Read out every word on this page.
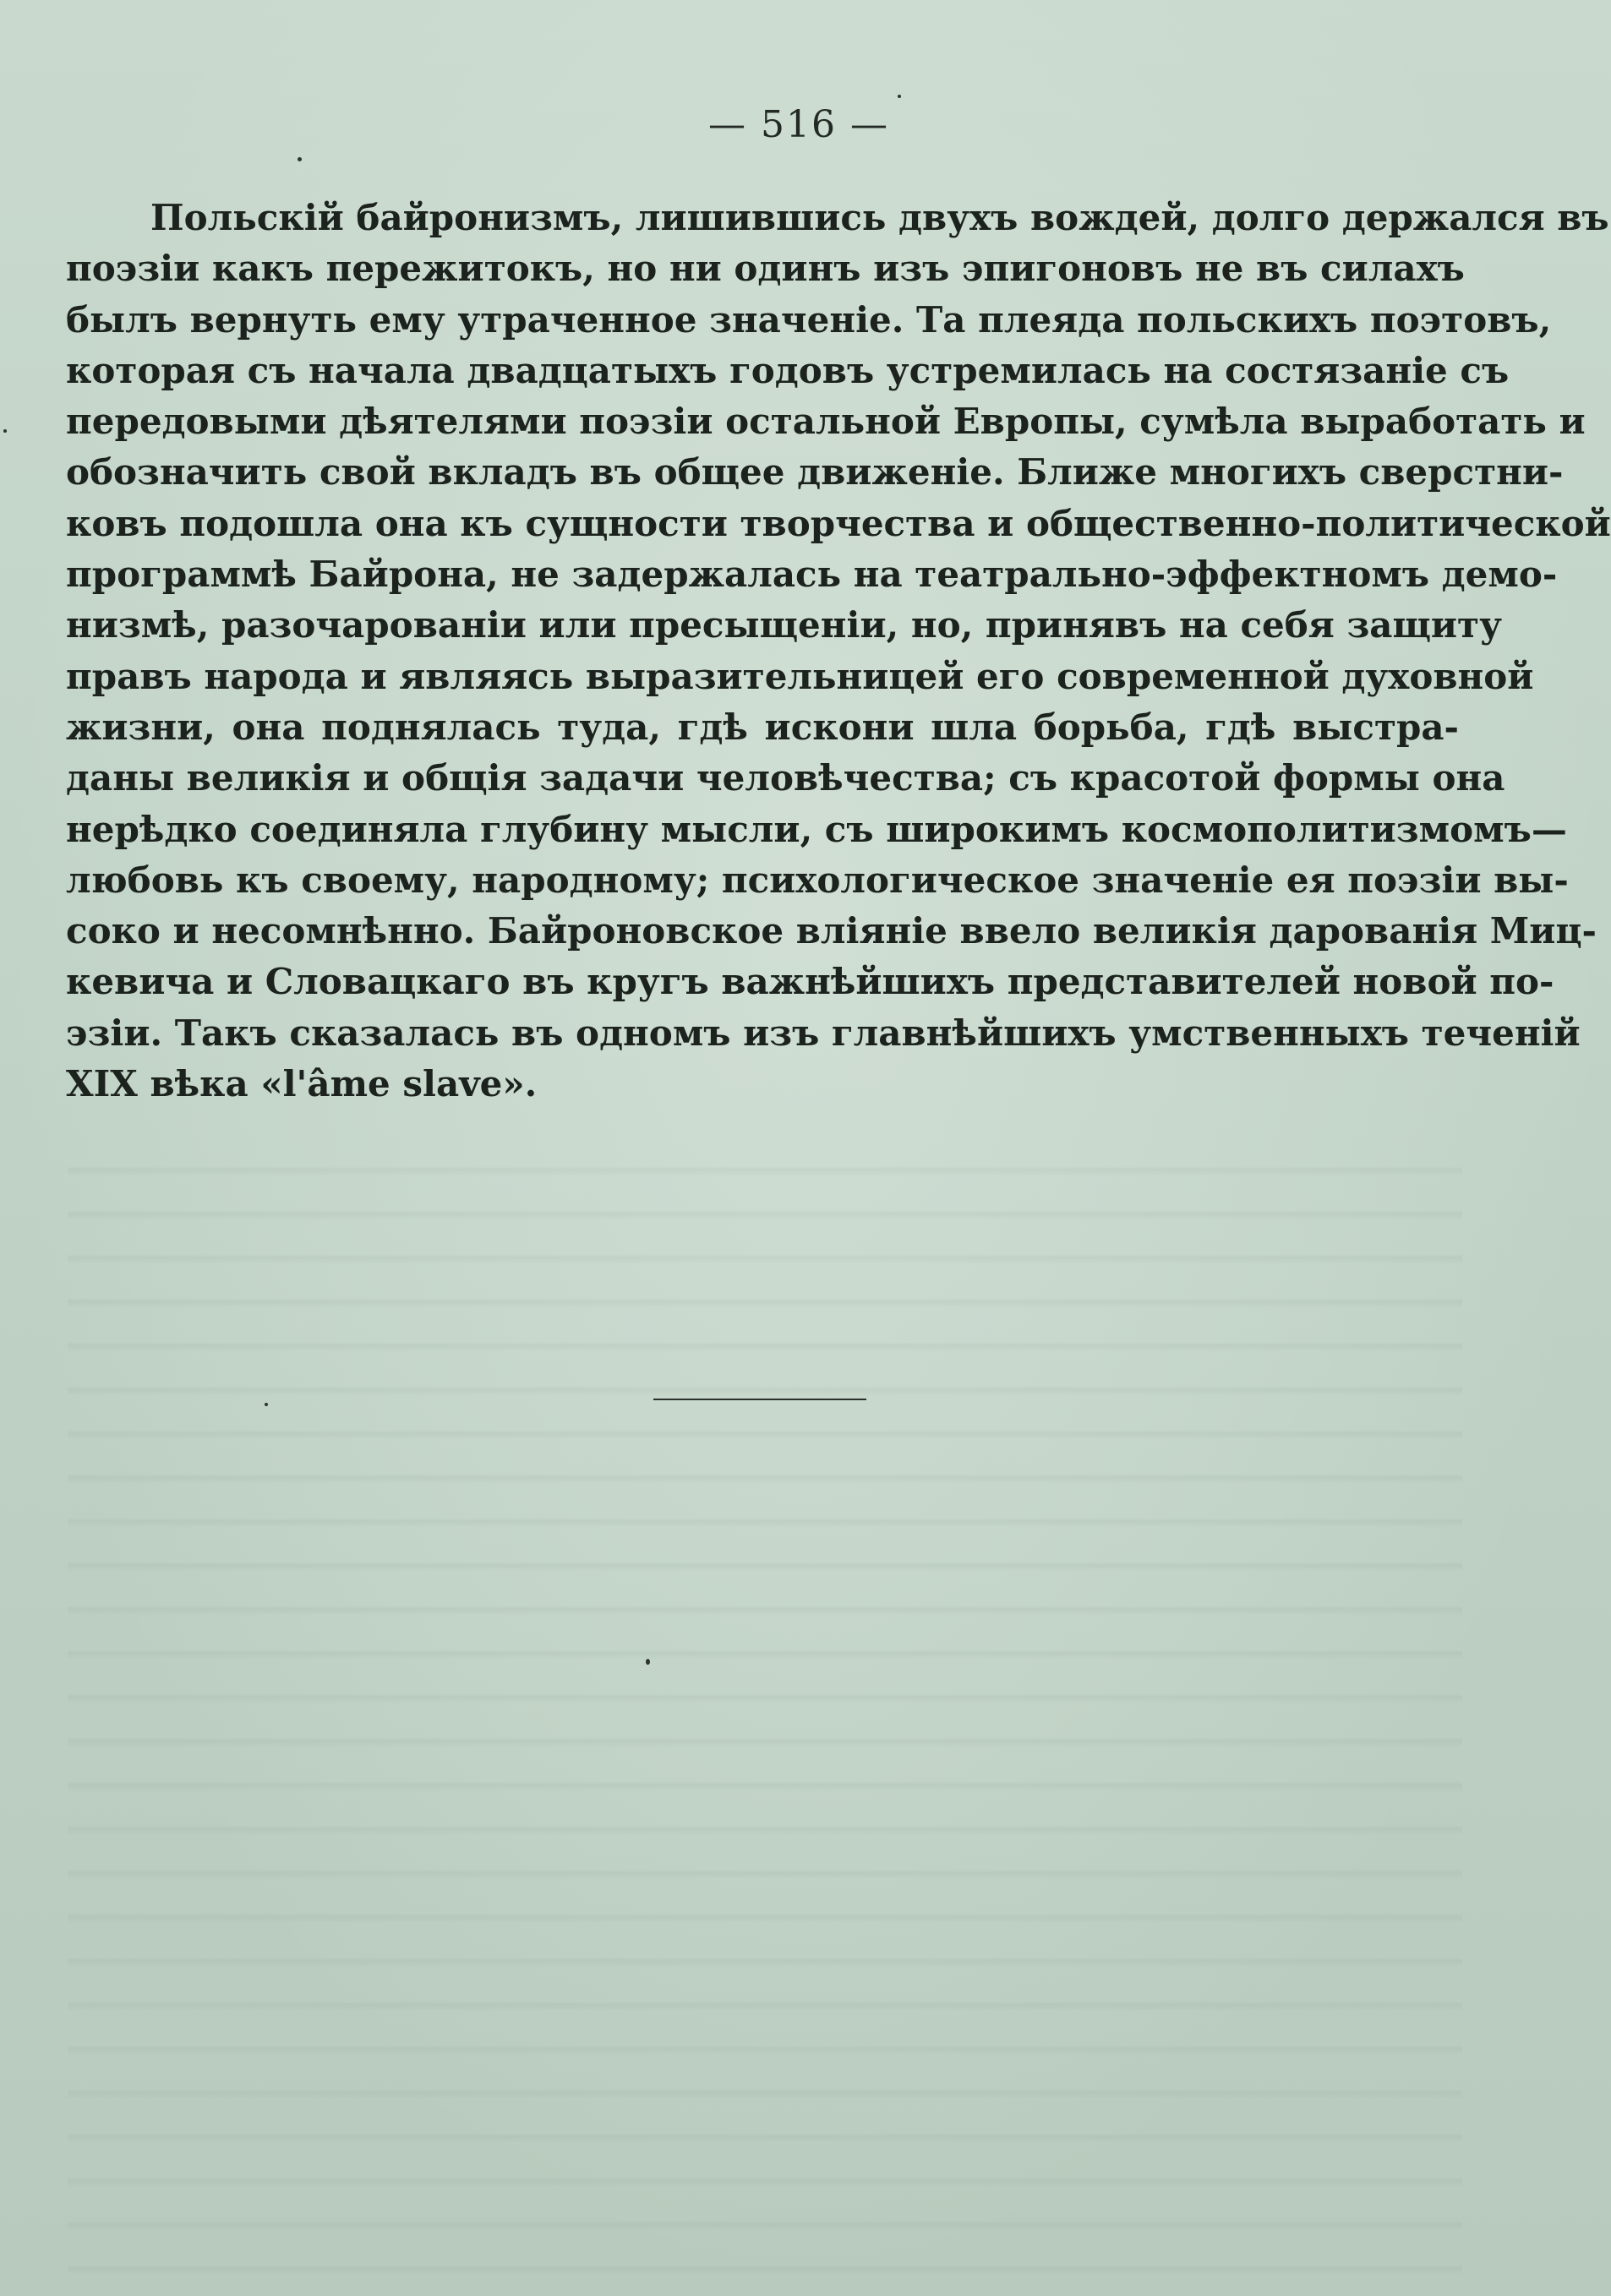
— 516 —
Польскій байронизмъ, лишившись двухъ вождей, долго держался въ
поэзіи какъ пережитокъ, но ни одинъ изъ эпигоновъ не въ силахъ
былъ вернуть ему утраченное значеніе. Та плеяда польскихъ поэтовъ,
которая съ начала двадцатыхъ годовъ устремилась на состязаніе съ
передовыми дѣятелями поэзіи остальной Европы, сумѣла выработать и
обозначить свой вкладъ въ общее движеніе. Ближе многихъ сверстни-
ковъ подошла она къ сущности творчества и общественно-политической
программѣ Байрона, не задержалась на театрально-эффектномъ демо-
низмѣ, разочарованіи или пресыщеніи, но, принявъ на себя защиту
правъ народа и являясь выразительницей его современной духовной
жизни, она поднялась туда, гдѣ искони шла борьба, гдѣ выстра-
даны великія и общія задачи человѣчества; съ красотой формы она
нерѣдко соединяла глубину мысли, съ широкимъ космополитизмомъ—
любовь къ своему, народному; психологическое значеніе ея поэзіи вы-
соко и несомнѣнно. Байроновское вліяніе ввело великія дарованія Миц-
кевича и Словацкаго въ кругъ важнѣйшихъ представителей новой по-
эзіи. Такъ сказалась въ одномъ изъ главнѣйшихъ умственныхъ теченій
XIX вѣка «l'âme slave».
